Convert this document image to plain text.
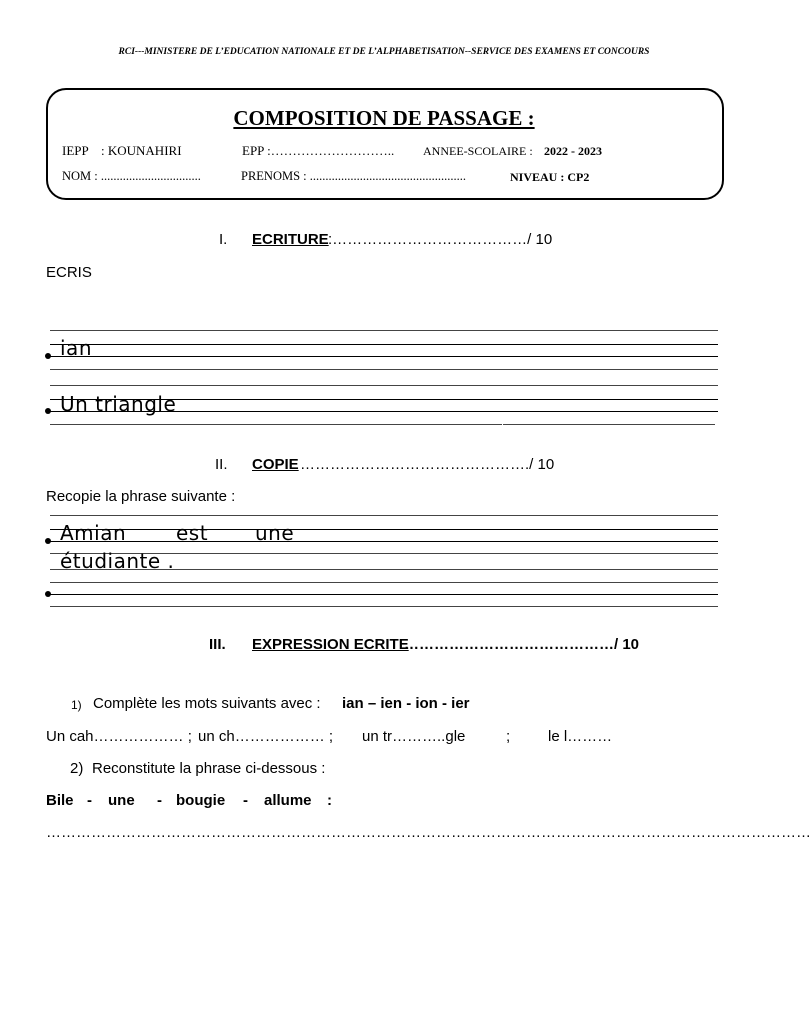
RCI---MINISTERE DE L’EDUCATION NATIONALE ET DE L’ALPHABETISATION--SERVICE DES EXAMENS ET CONCOURS
COMPOSITION DE PASSAGE :
IEPP : KOUNAHIRI	EPP :……………………….. ANNEE-SCOLAIRE : 2022 - 2023
NOM : ................................	PRENOMS : ..................................................	NIVEAU : CP2
I. ECRITURE :…………………………………/ 10
ECRIS
ian
Un triangle
II. COPIE ………………………………………./ 10
Recopie la phrase suivante :
Amian est une
étudiante .
III. EXPRESSION ECRITE
……………………………………/ 10
1) Complète les mots suivants avec : ian – ien - ion - ier
Un cah……………… ; un ch……………… ; un tr………..gle	;	le l………
2) Reconstitute la phrase ci-dessous :
Bile - une - bougie - allume :
………………………………………………………………………………………………………………………………………
